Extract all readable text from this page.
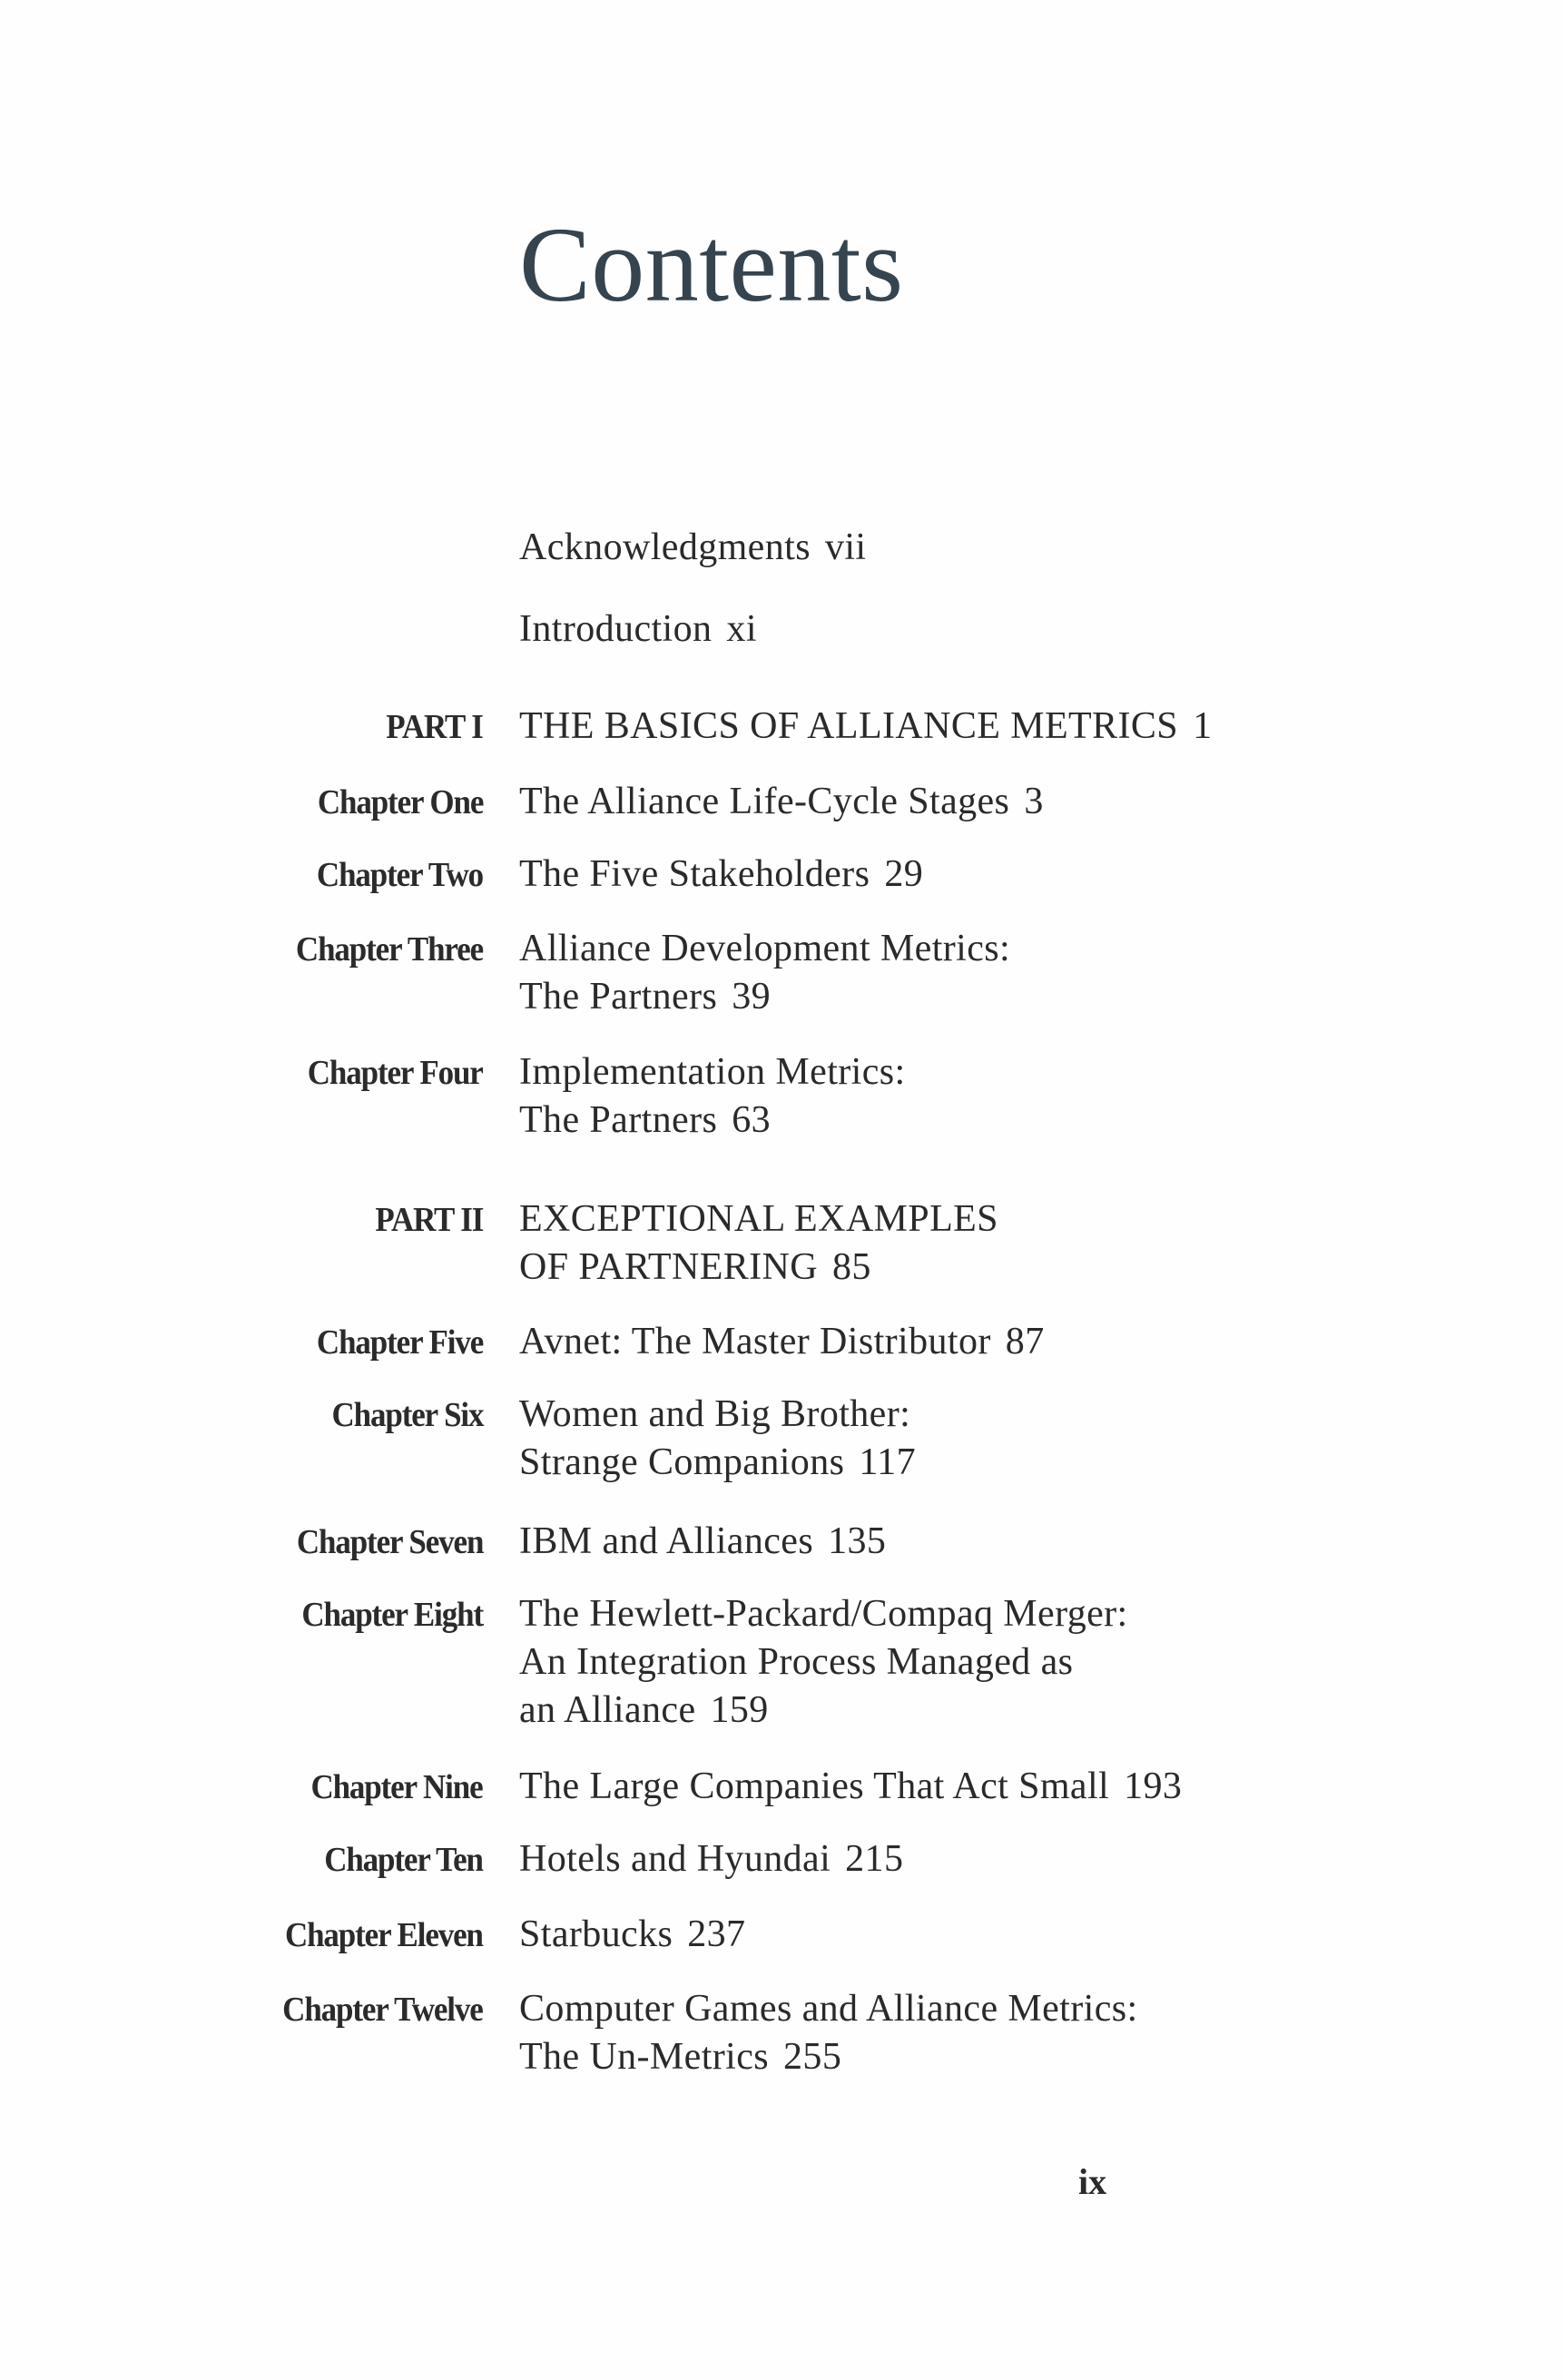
Contents
Acknowledgments vii
Introduction xi
PART I THE BASICS OF ALLIANCE METRICS 1
Chapter One The Alliance Life-Cycle Stages 3
Chapter Two The Five Stakeholders 29
Chapter Three Alliance Development Metrics:
The Partners 39
Chapter Four Implementation Metrics:
The Partners 63
PART II EXCEPTIONAL EXAMPLES
OF PARTNERING 85
Chapter Five Avnet: The Master Distributor 87
Chapter Six Women and Big Brother:
Strange Companions 117
Chapter Seven IBM and Alliances 135
Chapter Eight The Hewlett-Packard/Compaq Merger:
An Integration Process Managed as
an Alliance 159
Chapter Nine The Large Companies That Act Small 193
Chapter Ten Hotels and Hyundai 215
Chapter Eleven Starbucks 237
Chapter Twelve Computer Games and Alliance Metrics:
The Un-Metrics 255
ix
